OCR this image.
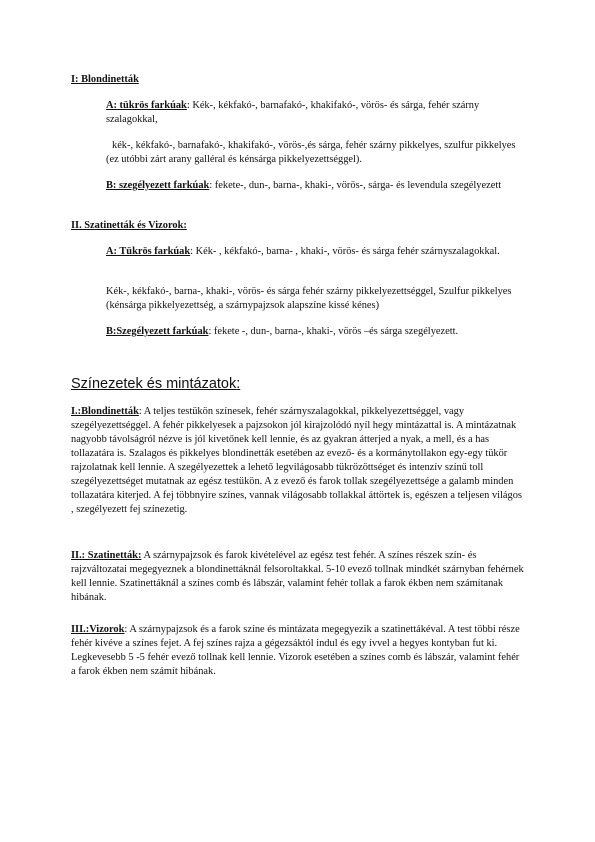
I: Blondinetták

A: tükrös farkúak: Kék-, kékfakó-, barnafakó-, khakifakó-, vörös- és sárga, fehér szárny szalagokkal,

kék-, kékfakó-, barnafakó-, khakifakó-, vörös-,és sárga, fehér szárny pikkelyes, szulfur pikkelyes (ez utóbbi zárt arany galléral és kénsárga pikkelyezettséggel).

B: szegélyezett farkúak: fekete-, dun-, barna-, khaki-, vörös-, sárga- és levendula szegélyezett

II. Szatinetták és Vizorok:

A: Tükrös farkúak: Kék- , kékfakó-, barna- , khaki-, vörös- és sárga fehér szárnyszalagokkal.

Kék-, kékfakó-, barna-, khaki-, vörös- és sárga fehér szárny pikkelyezettséggel, Szulfur pikkelyes (kénsárga pikkelyezettség, a szárnypajzsok alapszíne kissé kénes)

B:Szegélyezett farkúak: fekete -, dun-, barna-, khaki-, vörös –és sárga szegélyezett.

Színezetek és mintázatok:

I.:Blondinetták: A teljes testükön színesek, fehér szárnyszalagokkal, pikkelyezettséggel, vagy szegélyezettséggel. A fehér pikkelyesek a pajzsokon jól kirajzolódó nyíl hegy mintázattal is. A mintázatnak nagyobb távolságról nézve is jól kivetőnek kell lennie, és az gyakran átterjed a nyak, a mell, és a has tollazatára is. Szalagos és pikkelyes blondinetták esetében az evező- és a kormánytollakon egy-egy tükör rajzolatnak kell lennie. A szegélyezettek a lehető legvilágosabb tükrözöttséget és intenzív színű toll szegélyezettséget mutatnak az egész testükön. A z evező és farok tollak szegélyezettsége a galamb minden tollazatára kiterjed. A fej többnyire színes, vannak világosabb tollakkal áttörtek is, egészen a teljesen világos , szegélyezett fej színezetig.

II.: Szatinetták: A szárnypajzsok és farok kivételével az egész test fehér. A színes részek szín- és rajzváltozatai megegyeznek a blondinettáknál felsoroltakkal. 5-10 evező tollnak mindkét szárnyban fehérnek kell lennie. Szatinettáknál a színes comb és lábszár, valamint fehér tollak a farok ékben nem számítanak hibának.

III.:Vizorok: A szárnypajzsok és a farok színe és mintázata megegyezik a szatinettákéval. A test többi része fehér kivéve a színes fejet. A fej színes rajza a gégezsáktól indul és egy ívvel a hegyes kontyban fut ki. Legkevesebb 5 -5 fehér evező tollnak kell lennie. Vizorok esetében a színes comb és lábszár, valamint fehér a farok ékben nem számít hibának.
